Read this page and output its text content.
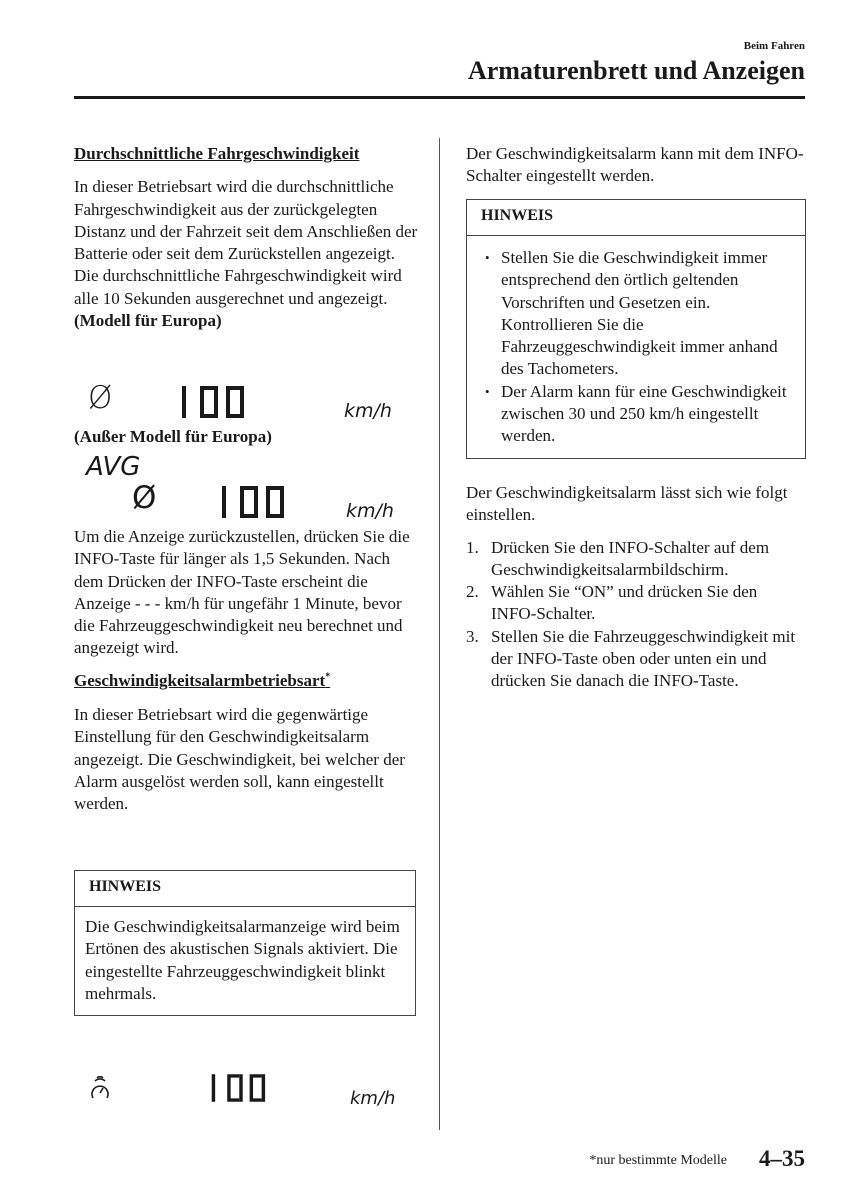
Beim Fahren
Armaturenbrett und Anzeigen

Durchschnittliche Fahrgeschwindigkeit

In dieser Betriebsart wird die durchschnittliche Fahrgeschwindigkeit aus der zurückgelegten Distanz und der Fahrzeit seit dem Anschließen der Batterie oder seit dem Zurückstellen angezeigt. Die durchschnittliche Fahrgeschwindigkeit wird alle 10 Sekunden ausgerechnet und angezeigt.

(Modell für Europa)

Ø	100
km/h

(Außer Modell für Europa)

AVG
Ø	100
km/h

Um die Anzeige zurückzustellen, drücken Sie die INFO-Taste für länger als 1,5 Sekunden. Nach dem Drücken der INFO-Taste erscheint die Anzeige - - - km/h für ungefähr 1 Minute, bevor die Fahrzeuggeschwindigkeit neu berechnet und angezeigt wird.

Geschwindigkeitsalarmbetriebsart*

In dieser Betriebsart wird die gegenwärtige Einstellung für den Geschwindigkeitsalarm angezeigt. Die Geschwindigkeit, bei welcher der Alarm ausgelöst werden soll, kann eingestellt werden.

HINWEIS
Die Geschwindigkeitsalarmanzeige wird beim Ertönen des akustischen Signals aktiviert. Die eingestellte Fahrzeuggeschwindigkeit blinkt mehrmals.
100
km/h

Der Geschwindigkeitsalarm kann mit dem INFO-Schalter eingestellt werden.

HINWEIS
• Stellen Sie die Geschwindigkeit immer entsprechend den örtlich geltenden Vorschriften und Gesetzen ein. Kontrollieren Sie die Fahrzeuggeschwindigkeit immer anhand des Tachometers.
• Der Alarm kann für eine Geschwindigkeit zwischen 30 und 250 km/h eingestellt werden.

Der Geschwindigkeitsalarm lässt sich wie folgt einstellen.

1. Drücken Sie den INFO-Schalter auf dem Geschwindigkeitsalarmbildschirm.
2. Wählen Sie “ON” und drücken Sie den INFO-Schalter.
3. Stellen Sie die Fahrzeuggeschwindigkeit mit der INFO-Taste oben oder unten ein und drücken Sie danach die INFO-Taste.
*nur bestimmte Modelle 4–35
